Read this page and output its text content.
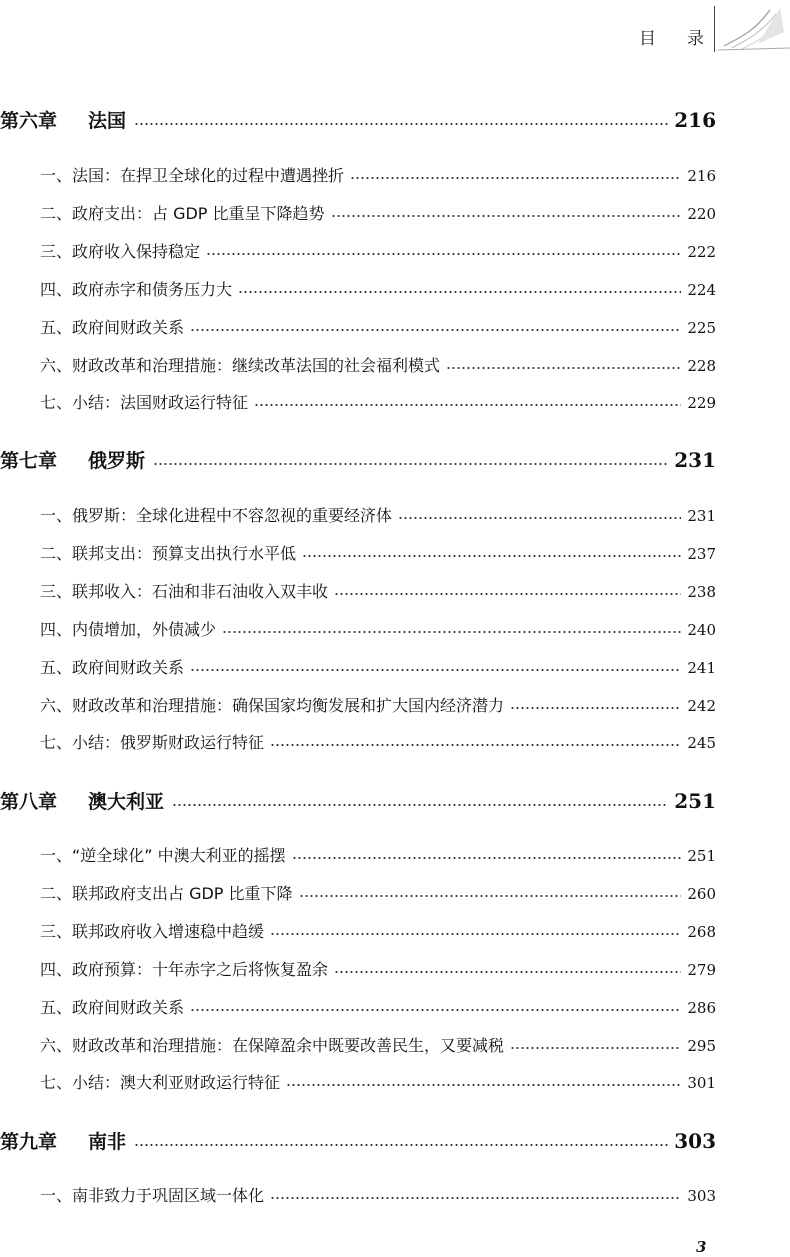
目 录
第六章	法国	216
一、法国：在捍卫全球化的过程中遭遇挫折	216
二、政府支出：占 GDP 比重呈下降趋势	220
三、政府收入保持稳定	222
四、政府赤字和债务压力大	224
五、政府间财政关系	225
六、财政改革和治理措施：继续改革法国的社会福利模式	228
七、小结：法国财政运行特征	229
第七章	俄罗斯	231
一、俄罗斯：全球化进程中不容忽视的重要经济体	231
二、联邦支出：预算支出执行水平低	237
三、联邦收入：石油和非石油收入双丰收	238
四、内债增加，外债减少	240
五、政府间财政关系	241
六、财政改革和治理措施：确保国家均衡发展和扩大国内经济潜力	242
七、小结：俄罗斯财政运行特征	245
第八章	澳大利亚	251
一、“逆全球化” 中澳大利亚的摇摆	251
二、联邦政府支出占 GDP 比重下降	260
三、联邦政府收入增速稳中趋缓	268
四、政府预算：十年赤字之后将恢复盈余	279
五、政府间财政关系	286
六、财政改革和治理措施：在保障盈余中既要改善民生，又要减税	295
七、小结：澳大利亚财政运行特征	301
第九章	南非	303
一、南非致力于巩固区域一体化	303
3
